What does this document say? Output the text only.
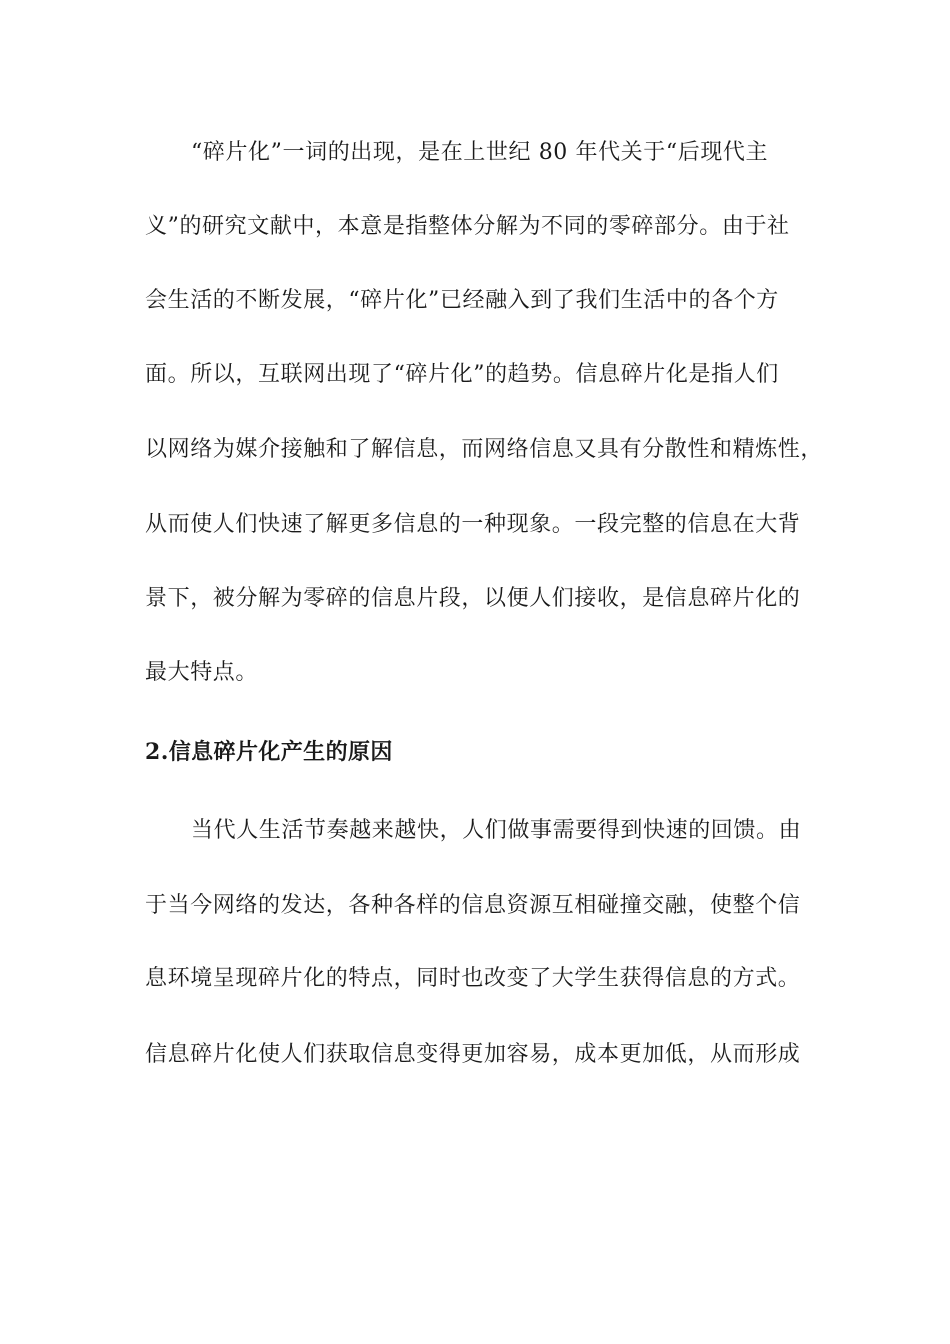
“碎片化”一词的出现，是在上世纪 80 年代关于“后现代主
义”的研究文献中，本意是指整体分解为不同的零碎部分。由于社
会生活的不断发展，“碎片化”已经融入到了我们生活中的各个方
面。所以，互联网出现了“碎片化”的趋势。信息碎片化是指人们
以网络为媒介接触和了解信息，而网络信息又具有分散性和精炼性，
从而使人们快速了解更多信息的一种现象。一段完整的信息在大背
景下，被分解为零碎的信息片段，以便人们接收，是信息碎片化的
最大特点。
2.信息碎片化产生的原因
当代人生活节奏越来越快，人们做事需要得到快速的回馈。由
于当今网络的发达，各种各样的信息资源互相碰撞交融，使整个信
息环境呈现碎片化的特点，同时也改变了大学生获得信息的方式。
信息碎片化使人们获取信息变得更加容易，成本更加低，从而形成
